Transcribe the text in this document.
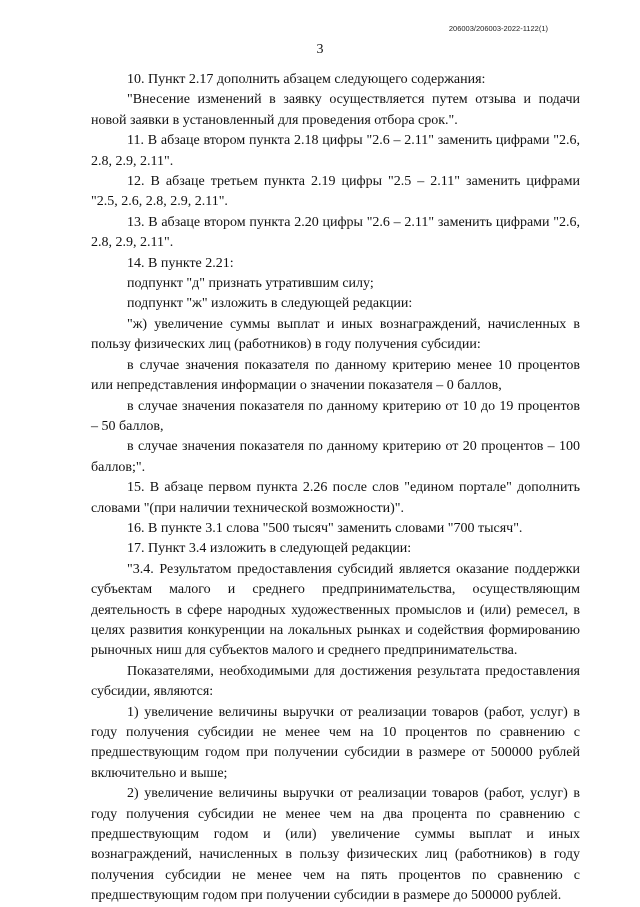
206003/206003-2022-1122(1)
3

10. Пункт 2.17 дополнить абзацем следующего содержания:

"Внесение изменений в заявку осуществляется путем отзыва и подачи новой заявки в установленный для проведения отбора срок.".

11. В абзаце втором пункта 2.18 цифры "2.6 – 2.11" заменить цифрами "2.6, 2.8, 2.9, 2.11".

12. В абзаце третьем пункта 2.19 цифры "2.5 – 2.11" заменить цифрами "2.5, 2.6, 2.8, 2.9, 2.11".

13. В абзаце втором пункта 2.20 цифры "2.6 – 2.11" заменить цифрами "2.6, 2.8, 2.9, 2.11".

14. В пункте 2.21:

подпункт "д" признать утратившим силу;

подпункт "ж" изложить в следующей редакции:

"ж) увеличение суммы выплат и иных вознаграждений, начисленных в пользу физических лиц (работников) в году получения субсидии:

в случае значения показателя по данному критерию менее 10 процентов или непредставления информации о значении показателя – 0 баллов,

в случае значения показателя по данному критерию от 10 до 19 процентов – 50 баллов,

в случае значения показателя по данному критерию от 20 процентов – 100 баллов;".

15. В абзаце первом пункта 2.26 после слов "едином портале" дополнить словами "(при наличии технической возможности)".

16. В пункте 3.1 слова "500 тысяч" заменить словами "700 тысяч".

17. Пункт 3.4 изложить в следующей редакции:

"3.4. Результатом предоставления субсидий является оказание поддержки субъектам малого и среднего предпринимательства, осуществляющим деятельность в сфере народных художественных промыслов и (или) ремесел, в целях развития конкуренции на локальных рынках и содействия формированию рыночных ниш для субъектов малого и среднего предпринимательства.

Показателями, необходимыми для достижения результата предоставления субсидии, являются:

1) увеличение величины выручки от реализации товаров (работ, услуг) в году получения субсидии не менее чем на 10 процентов по сравнению с предшествующим годом при получении субсидии в размере от 500000 рублей включительно и выше;

2) увеличение величины выручки от реализации товаров (работ, услуг) в году получения субсидии не менее чем на два процента по сравнению с предшествующим годом и (или) увеличение суммы выплат и иных вознаграждений, начисленных в пользу физических лиц (работников) в году получения субсидии не менее чем на пять процентов по сравнению с предшествующим годом при получении субсидии в размере до 500000 рублей.
